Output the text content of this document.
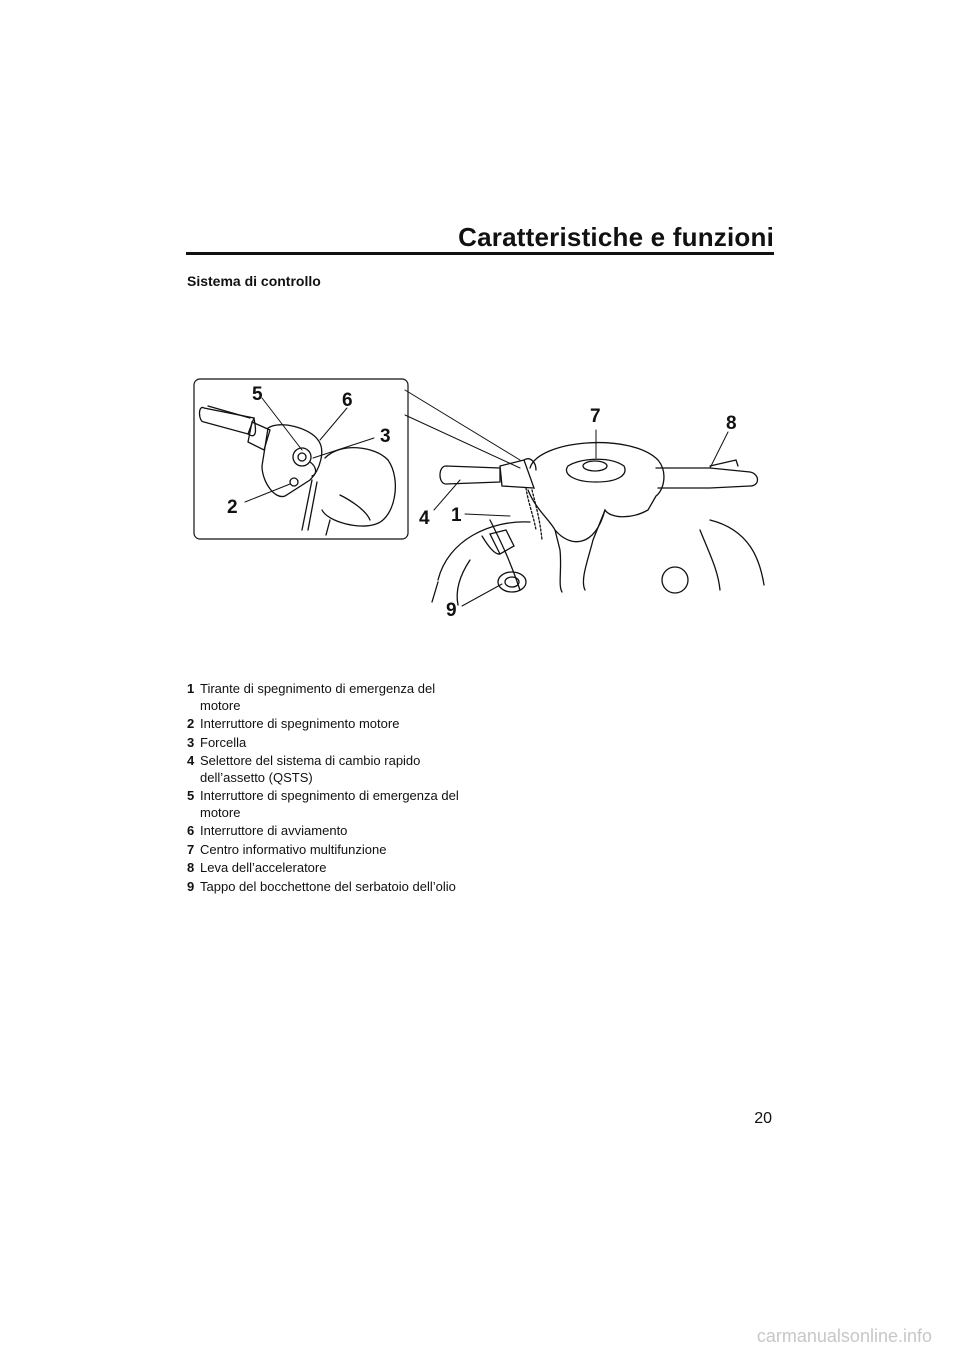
Caratteristiche e funzioni
Sistema di controllo
5	6
3
2
7	8
4 1
9
1 Tirante di spegnimento di emergenza del motore
2 Interruttore di spegnimento motore
3 Forcella
4 Selettore del sistema di cambio rapido dell’assetto (QSTS)
5 Interruttore di spegnimento di emergenza del motore
6 Interruttore di avviamento
7 Centro informativo multifunzione
8 Leva dell’acceleratore
9 Tappo del bocchettone del serbatoio dell’olio
20
carmanualsonline.info
